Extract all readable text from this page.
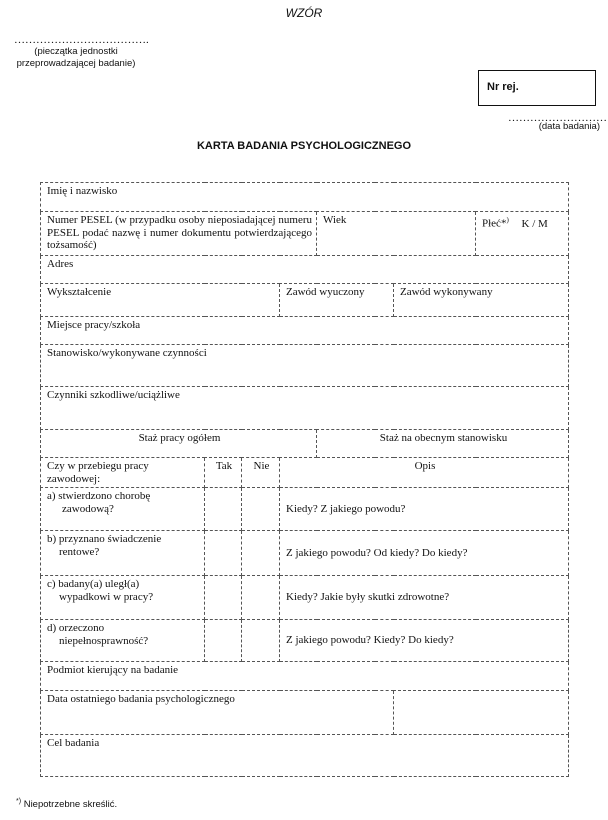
WZÓR
……………………………….
(pieczątka jednostki
przeprowadzającej badanie)
Nr rej.
………………………
(data badania)
KARTA BADANIA PSYCHOLOGICZNEGO
Imię i nazwisko						
Numer PESEL (w przypadku osoby nieposiadającej numeru PESEL podać nazwę i numer dokumentu potwierdzającego tożsamość)				Wiek		Płeć*) K / M
Adres						
Wykształcenie			Zawód wyuczony		Zawód wykonywany	
Miejsce pracy/szkoła						
Stanowisko/wykonywane czynności						
Czynniki szkodliwe/uciążliwe						
Staż pracy ogółem				Staż na obecnym stanowisku		
Czy w przebiegu pracy zawodowej:	Tak	Nie	Opis			

a) stwierdzono chorobę
zawodową?			Kiedy? Z jakiego powodu?			

b) przyznano świadczenie
rentowe?			Z jakiego powodu? Od kiedy? Do kiedy?			

c) badany(a) uległ(a)
wypadkowi w pracy?			Kiedy? Jakie były skutki zdrowotne?			

d) orzeczono
niepełnosprawność?			Z jakiego powodu? Kiedy? Do kiedy?			
Podmiot kierujący na badanie						
Data ostatniego badania psychologicznego						
Cel badania						
*) Niepotrzebne skreślić.
